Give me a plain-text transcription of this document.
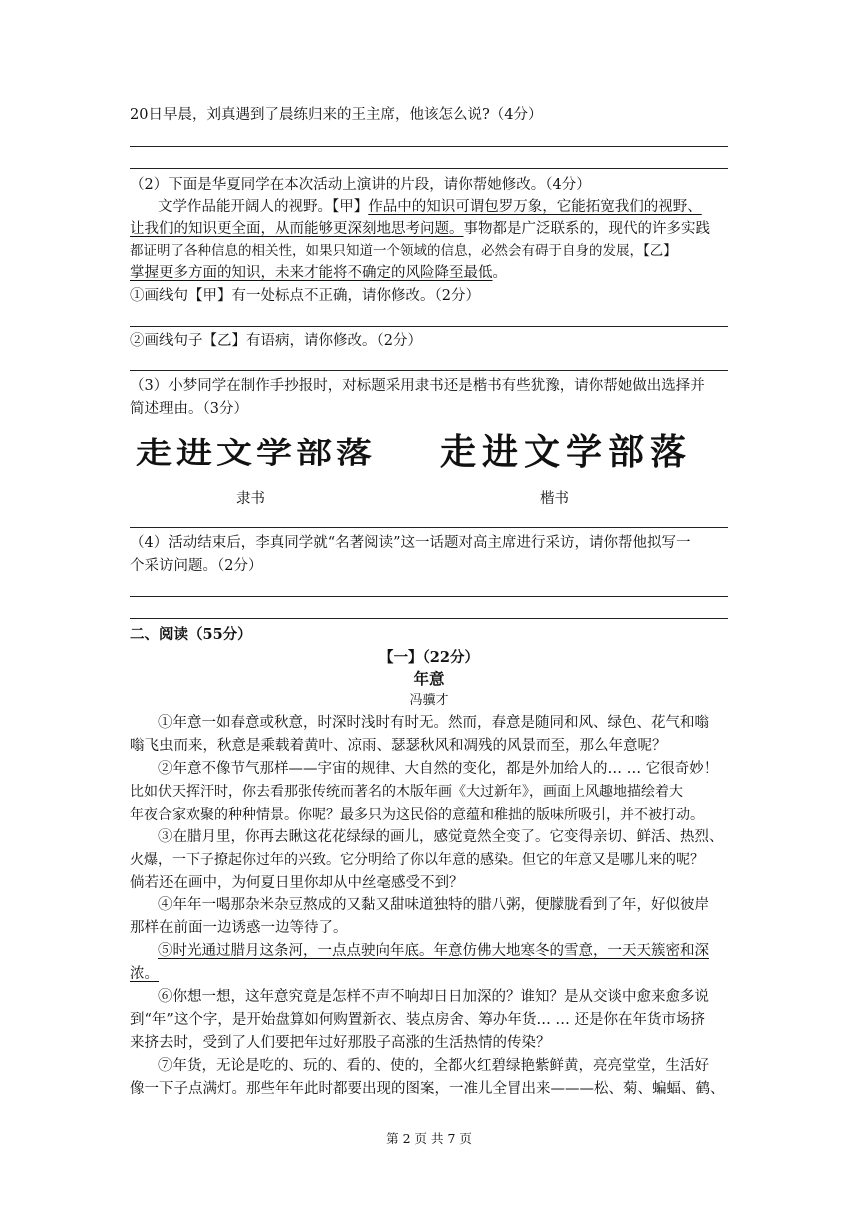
20日早晨，刘真遇到了晨练归来的王主席，他该怎么说?（4分）
（2）下面是华夏同学在本次活动上演讲的片段，请你帮她修改。（4分）
文学作品能开阔人的视野。【甲】作品中的知识可谓包罗万象，它能拓宽我们的视野、
让我们的知识更全面，从而能够更深刻地思考问题。事物都是广泛联系的，现代的许多实践
都证明了各种信息的相关性，如果只知道一个领域的信息，必然会有碍于自身的发展，【乙】
掌握更多方面的知识，未来才能将不确定的风险降至最低。
①画线句【甲】有一处标点不正确，请你修改。（2分）
②画线句子【乙】有语病，请你修改。（2分）
（3）小梦同学在制作手抄报时，对标题采用隶书还是楷书有些犹豫，请你帮她做出选择并
简述理由。（3分）
走进文学部落 走进文学部落
隶书	楷书
（4）活动结束后，李真同学就“名著阅读”这一话题对高主席进行采访，请你帮他拟写一
个采访问题。（2分）
二、阅读（55分）
【一】（22分）
年意
冯骥才
①年意一如春意或秋意，时深时浅时有时无。然而，春意是随同和风、绿色、花气和嗡
嗡飞虫而来，秋意是乘载着黄叶、凉雨、瑟瑟秋风和凋残的风景而至，那么年意呢？
②年意不像节气那样——宇宙的规律、大自然的变化，都是外加给人的… … 它很奇妙！
比如伏天挥汗时，你去看那张传统而著名的木版年画《大过新年》，画面上风趣地描绘着大
年夜合家欢聚的种种情景。你呢？最多只为这民俗的意蕴和稚拙的版味所吸引，并不被打动。
③在腊月里，你再去瞅这花花绿绿的画儿，感觉竟然全变了。它变得亲切、鲜活、热烈、
火爆，一下子撩起你过年的兴致。它分明给了你以年意的感染。但它的年意又是哪儿来的呢？
倘若还在画中，为何夏日里你却从中丝毫感受不到？
④年年一喝那杂米杂豆熬成的又黏又甜味道独特的腊八粥，便朦胧看到了年，好似彼岸
那样在前面一边诱惑一边等待了。
⑤时光通过腊月这条河，一点点驶向年底。年意仿佛大地寒冬的雪意，一天天簇密和深
浓。
⑥你想一想，这年意究竟是怎样不声不响却日日加深的？谁知？是从交谈中愈来愈多说
到“年”这个字，是开始盘算如何购置新衣、装点房舍、筹办年货… … 还是你在年货市场挤
来挤去时，受到了人们要把年过好那股子高涨的生活热情的传染？
⑦年货，无论是吃的、玩的、看的、使的，全都火红碧绿艳紫鲜黄，亮亮堂堂，生活好
像一下子点满灯。那些年年此时都要出现的图案，一准儿全冒出来———松、菊、蝙蝠、鹤、
第 2 页 共 7 页
